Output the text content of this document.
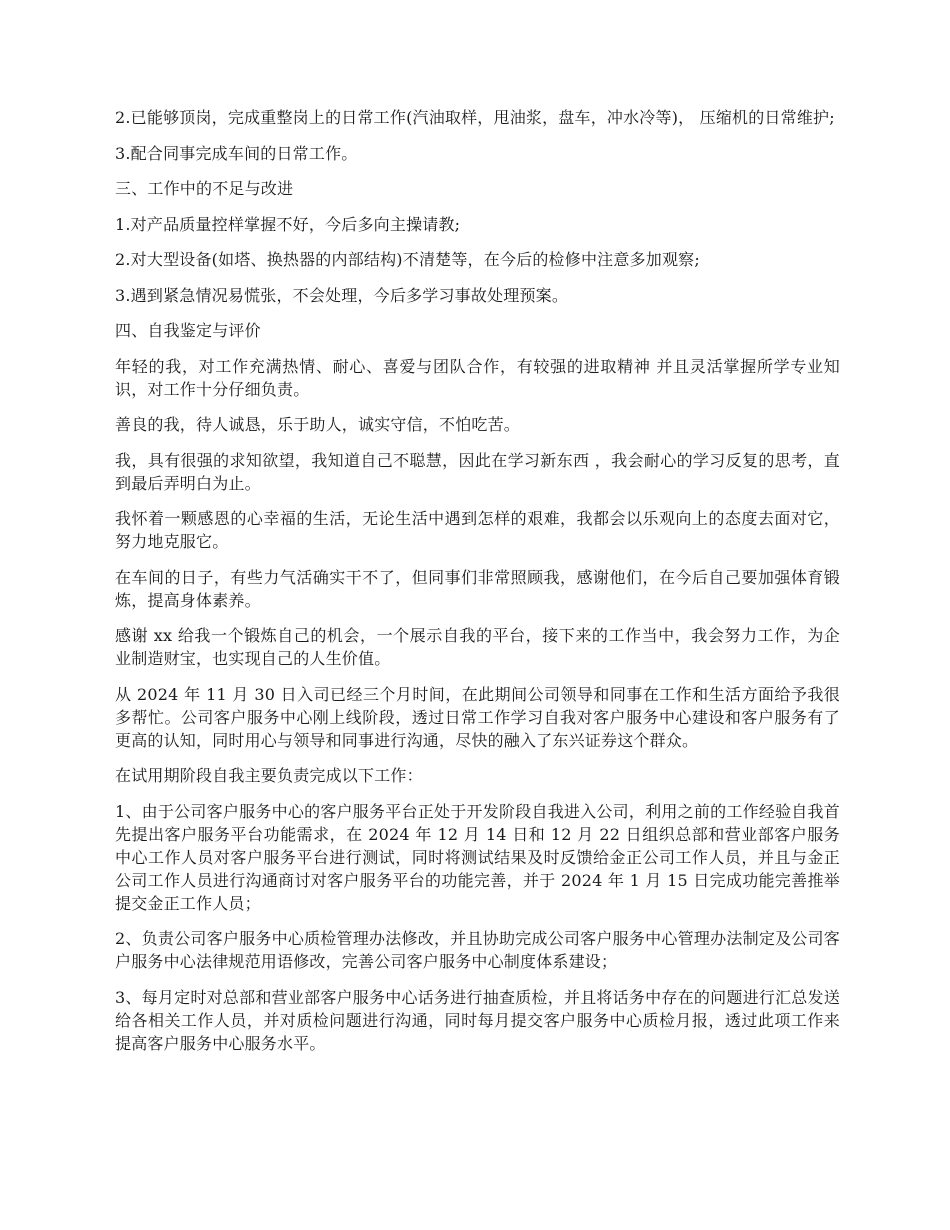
2.已能够顶岗，完成重整岗上的日常工作(汽油取样，甩油浆，盘车，冲水冷等)， 压缩机的日常维护;

3.配合同事完成车间的日常工作。

三、工作中的不足与改进

1.对产品质量控样掌握不好，今后多向主操请教;

2.对大型设备(如塔、换热器的内部结构)不清楚等，在今后的检修中注意多加观察;

3.遇到紧急情况易慌张，不会处理，今后多学习事故处理预案。

四、自我鉴定与评价

年轻的我，对工作充满热情、耐心、喜爱与团队合作，有较强的进取精神 并且灵活掌握所学专业知识，对工作十分仔细负责。

善良的我，待人诚恳，乐于助人，诚实守信，不怕吃苦。

我，具有很强的求知欲望，我知道自己不聪慧，因此在学习新东西 ，我会耐心的学习反复的思考，直到最后弄明白为止。

我怀着一颗感恩的心幸福的生活，无论生活中遇到怎样的艰难，我都会以乐观向上的态度去面对它，努力地克服它。

在车间的日子，有些力气活确实干不了，但同事们非常照顾我，感谢他们，在今后自己要加强体育锻炼，提高身体素养。

感谢 xx 给我一个锻炼自己的机会，一个展示自我的平台，接下来的工作当中，我会努力工作，为企业制造财宝，也实现自己的人生价值。

从 2024 年 11 月 30 日入司已经三个月时间，在此期间公司领导和同事在工作和生活方面给予我很多帮忙。公司客户服务中心刚上线阶段，透过日常工作学习自我对客户服务中心建设和客户服务有了更高的认知，同时用心与领导和同事进行沟通，尽快的融入了东兴证券这个群众。

在试用期阶段自我主要负责完成以下工作：

1、由于公司客户服务中心的客户服务平台正处于开发阶段自我进入公司，利用之前的工作经验自我首先提出客户服务平台功能需求，在 2024 年 12 月 14 日和 12 月 22 日组织总部和营业部客户服务中心工作人员对客户服务平台进行测试，同时将测试结果及时反馈给金正公司工作人员，并且与金正公司工作人员进行沟通商讨对客户服务平台的功能完善，并于 2024 年 1 月 15 日完成功能完善推举提交金正工作人员；

2、负责公司客户服务中心质检管理办法修改，并且协助完成公司客户服务中心管理办法制定及公司客户服务中心法律规范用语修改，完善公司客户服务中心制度体系建设；

3、每月定时对总部和营业部客户服务中心话务进行抽查质检，并且将话务中存在的问题进行汇总发送给各相关工作人员，并对质检问题进行沟通，同时每月提交客户服务中心质检月报，透过此项工作来提高客户服务中心服务水平。
